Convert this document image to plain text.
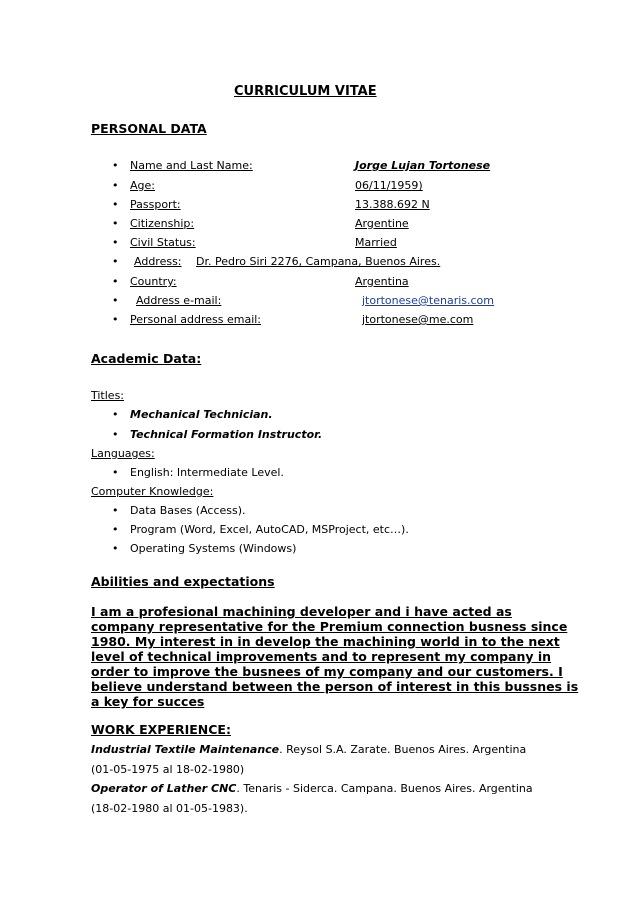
CURRICULUM VITAE
PERSONAL DATA
• Name and Last Name:	Jorge Lujan Tortonese
• Age:	06/11/1959)
• Passport:	13.388.692 N
• Citizenship:	Argentine
• Civil Status:	Married
• Address: Dr. Pedro Siri 2276, Campana, Buenos Aires.
• Country:	Argentina
• Address e-mail:	jtortonese@tenaris.com
• Personal address email:	jtortonese@me.com
Academic Data:
Titles:
• Mechanical Technician.
• Technical Formation Instructor.
Languages:
• English: Intermediate Level.
Computer Knowledge:
• Data Bases (Access).
• Program (Word, Excel, AutoCAD, MSProject, etc…).
• Operating Systems (Windows)
Abilities and expectations
I am a profesional machining developer and i have acted as
company representative for the Premium connection busness since
1980. My interest in in develop the machining world in to the next
level of technical improvements and to represent my company in
order to improve the busnees of my company and our customers. I
believe understand between the person of interest in this bussnes is
a key for succes
WORK EXPERIENCE:
Industrial Textile Maintenance. Reysol S.A. Zarate. Buenos Aires. Argentina
(01-05-1975 al 18-02-1980)
Operator of Lather CNC. Tenaris - Siderca. Campana. Buenos Aires. Argentina
(18-02-1980 al 01-05-1983).
